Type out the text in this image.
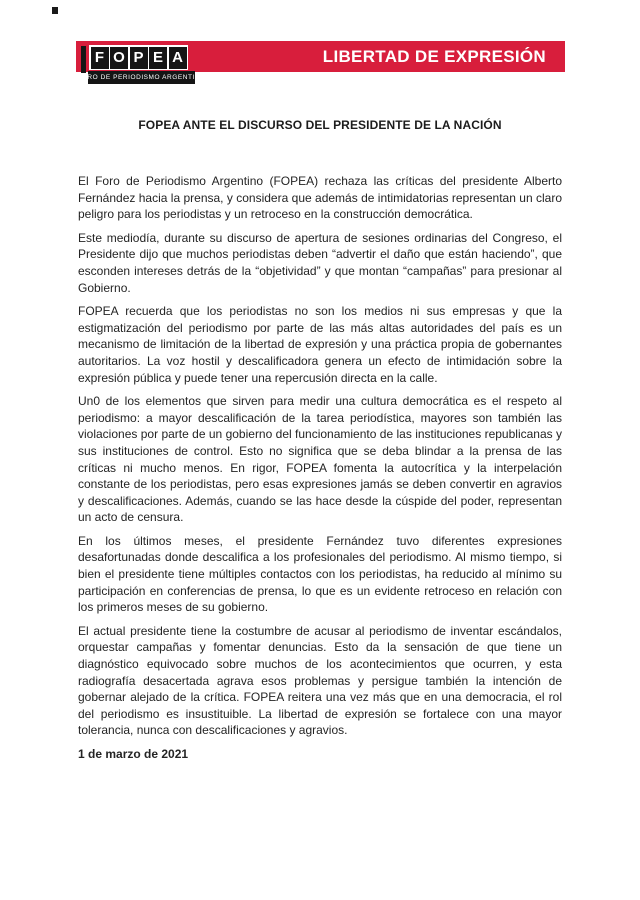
LIBERTAD DE EXPRESIÓN
F O P E A
FORO DE PERIODISMO ARGENTINO
FOPEA ANTE EL DISCURSO DEL PRESIDENTE DE LA NACIÓN

El Foro de Periodismo Argentino (FOPEA) rechaza las críticas del presidente Alberto Fernández hacia la prensa, y considera que además de intimidatorias representan un claro peligro para los periodistas y un retroceso en la construcción democrática.

Este mediodía, durante su discurso de apertura de sesiones ordinarias del Congreso, el Presidente dijo que muchos periodistas deben “advertir el daño que están haciendo”, que esconden intereses detrás de la “objetividad” y que montan “campañas” para presionar al Gobierno.

FOPEA recuerda que los periodistas no son los medios ni sus empresas y que la estigmatización del periodismo por parte de las más altas autoridades del país es un mecanismo de limitación de la libertad de expresión y una práctica propia de gobernantes autoritarios. La voz hostil y descalificadora genera un efecto de intimidación sobre la expresión pública y puede tener una repercusión directa en la calle.

Un0 de los elementos que sirven para medir una cultura democrática es el respeto al periodismo: a mayor descalificación de la tarea periodística, mayores son también las violaciones por parte de un gobierno del funcionamiento de las instituciones republicanas y sus instituciones de control. Esto no significa que se deba blindar a la prensa de las críticas ni mucho menos. En rigor, FOPEA fomenta la autocrítica y la interpelación constante de los periodistas, pero esas expresiones jamás se deben convertir en agravios y descalificaciones. Además, cuando se las hace desde la cúspide del poder, representan un acto de censura.

En los últimos meses, el presidente Fernández tuvo diferentes expresiones desafortunadas donde descalifica a los profesionales del periodismo. Al mismo tiempo, si bien el presidente tiene múltiples contactos con los periodistas, ha reducido al mínimo su participación en conferencias de prensa, lo que es un evidente retroceso en relación con los primeros meses de su gobierno.

El actual presidente tiene la costumbre de acusar al periodismo de inventar escándalos, orquestar campañas y fomentar denuncias. Esto da la sensación de que tiene un diagnóstico equivocado sobre muchos de los acontecimientos que ocurren, y esta radiografía desacertada agrava esos problemas y persigue también la intención de gobernar alejado de la crítica. FOPEA reitera una vez más que en una democracia, el rol del periodismo es insustituible. La libertad de expresión se fortalece con una mayor tolerancia, nunca con descalificaciones y agravios.

1 de marzo de 2021
